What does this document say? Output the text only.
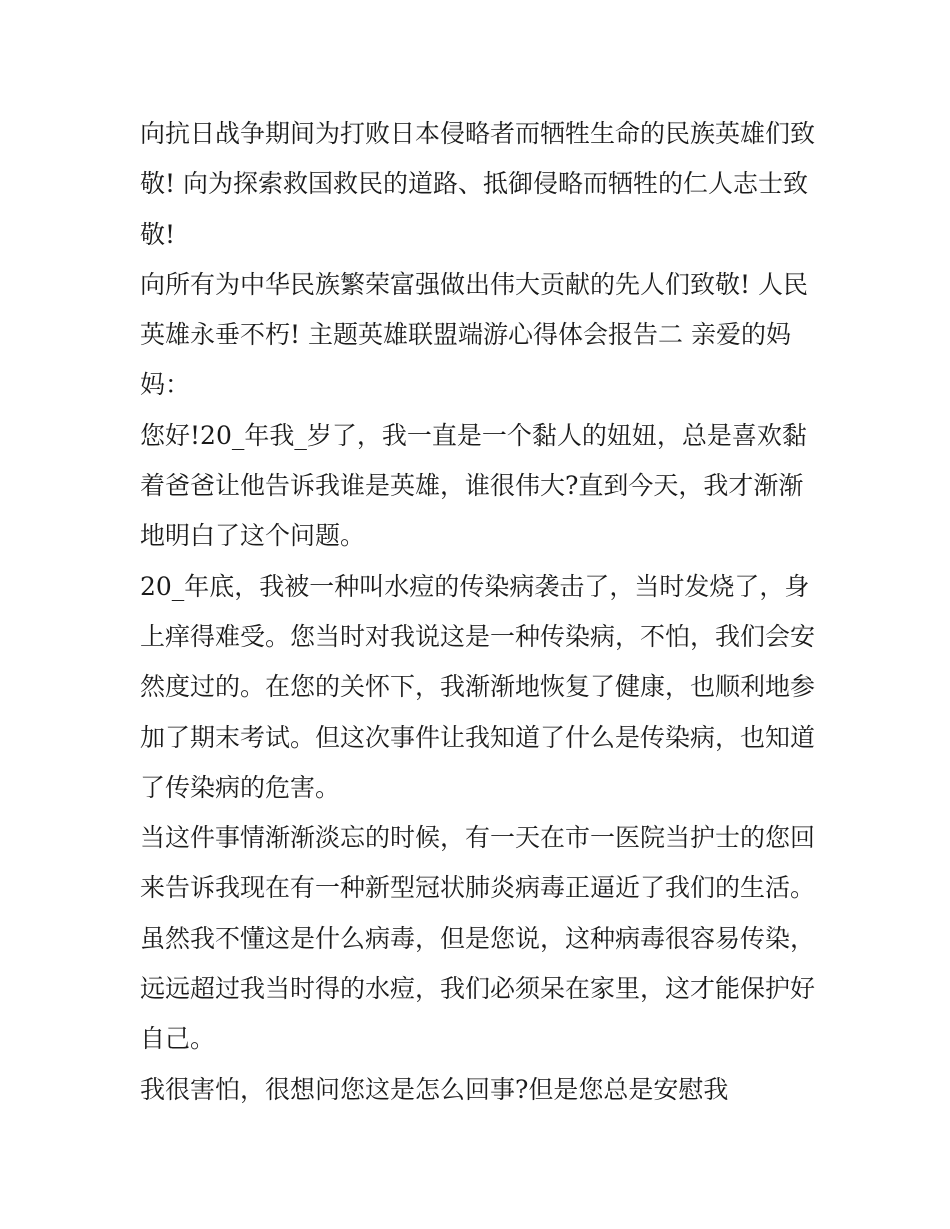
向抗日战争期间为打败日本侵略者而牺牲生命的民族英雄们致
敬! 向为探索救国救民的道路、抵御侵略而牺牲的仁人志士致
敬!
向所有为中华民族繁荣富强做出伟大贡献的先人们致敬! 人民
英雄永垂不朽! 主题英雄联盟端游心得体会报告二 亲爱的妈
妈：
您好!20_年我_岁了，我一直是一个黏人的妞妞，总是喜欢黏
着爸爸让他告诉我谁是英雄，谁很伟大?直到今天，我才渐渐
地明白了这个问题。
20_年底，我被一种叫水痘的传染病袭击了，当时发烧了，身
上痒得难受。您当时对我说这是一种传染病，不怕，我们会安
然度过的。在您的关怀下，我渐渐地恢复了健康，也顺利地参
加了期末考试。但这次事件让我知道了什么是传染病，也知道
了传染病的危害。
当这件事情渐渐淡忘的时候，有一天在市一医院当护士的您回
来告诉我现在有一种新型冠状肺炎病毒正逼近了我们的生活。
虽然我不懂这是什么病毒，但是您说，这种病毒很容易传染，
远远超过我当时得的水痘，我们必须呆在家里，这才能保护好
自己。
我很害怕，很想问您这是怎么回事?但是您总是安慰我
